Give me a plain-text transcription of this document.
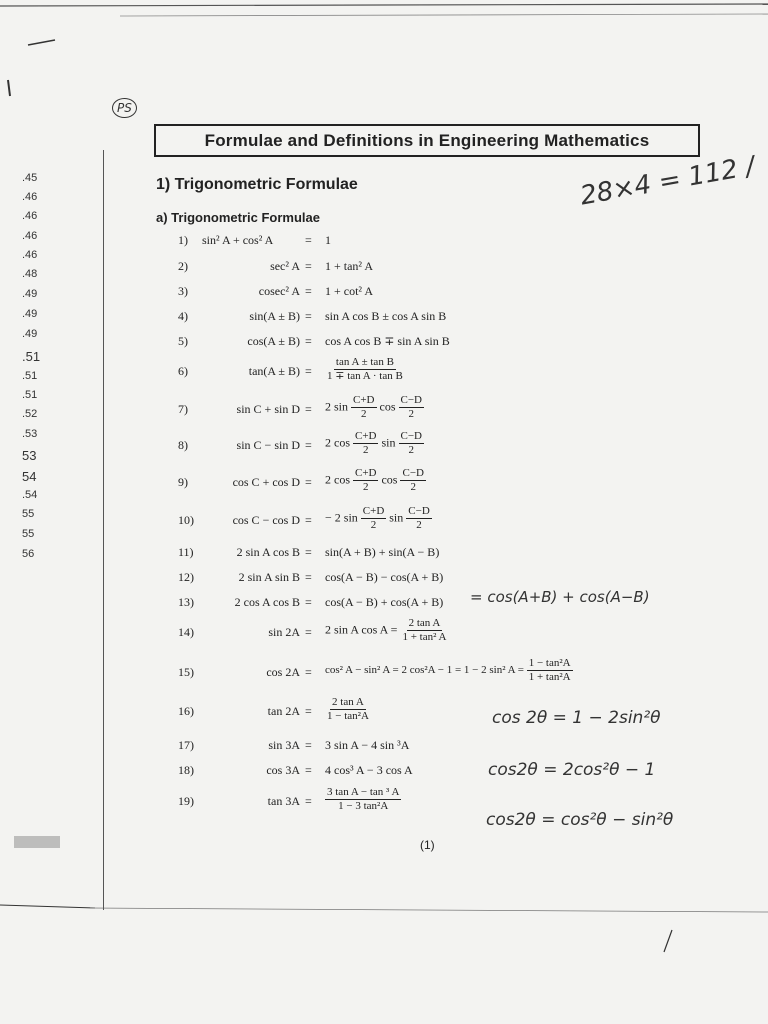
Formulae and Definitions in Engineering Mathematics
1) Trigonometric Formulae
a) Trigonometric Formulae
.45
.46
.46
.46
.46
.48
.49
.49
.49
.51
.51
.51
.52
.53
53
54
.54
55
55
56
1)	sin² A + cos² A	= 1
2)	sec² A = 1 + tan² A
3)	cosec² A = 1 + cot² A
4)	sin(A ± B) = sin A cos B ± cos A sin B
5)	cos(A ± B) = cos A cos B ∓ sin A sin B
6)	$\tan(A \pm B) = \frac{\text{tan A ± tan B}}{\text{1 ∓ tan A · tan B}}$
7)	sin C + sin D = 2 $\sin \frac{C+D}{2}$ $\cos \frac{C-D}{2}$
8)	sin C − sin D = 2 $\cos \frac{C+D}{2}$ $\sin \frac{C-D}{2}$
9)	cos C + cos D = 2 $\cos \frac{C+D}{2}$ $\cos \frac{C-D}{2}$
10)	cos C − cos D = − 2 $\sin \frac{C+D}{2}$ $\sin \frac{C-D}{2}$
11)	2 sin A cos B = sin(A + B) + sin(A − B)
12)	2 sin A sin B = cos(A − B) − cos(A + B)
13)	2 cos A cos B = cos(A − B) + cos(A + B)
14)	sin 2A = 2 sin A $\cos A = \frac{\text{2 tan A}}{\text{1 + tan² A}}$
15)	cos 2A = cos² A − sin² A = 2 cos²A − 1 = 1 − 2 sin² $A = \frac{\text{1 − tan²A}}{\text{1 + tan²A}}$
16)	$\tan 2A = \frac{\text{2 tan A}}{\text{1 − tan²A}}$
17)	sin 3A = 3 sin A − 4 sin ³A
18)	cos 3A = 4 cos³ A − 3 cos A
19)	$\tan 3A = \frac{\text{3 tan A − tan ³ A}}{\text{1 − 3 tan²A}}$
28×4 = 112 /
PS
= cos(A+B) + cos(A−B)
cos 2θ = 1 − 2sin²θ
cos2θ = 2cos²θ − 1
cos2θ = cos²θ − sin²θ
(1)
